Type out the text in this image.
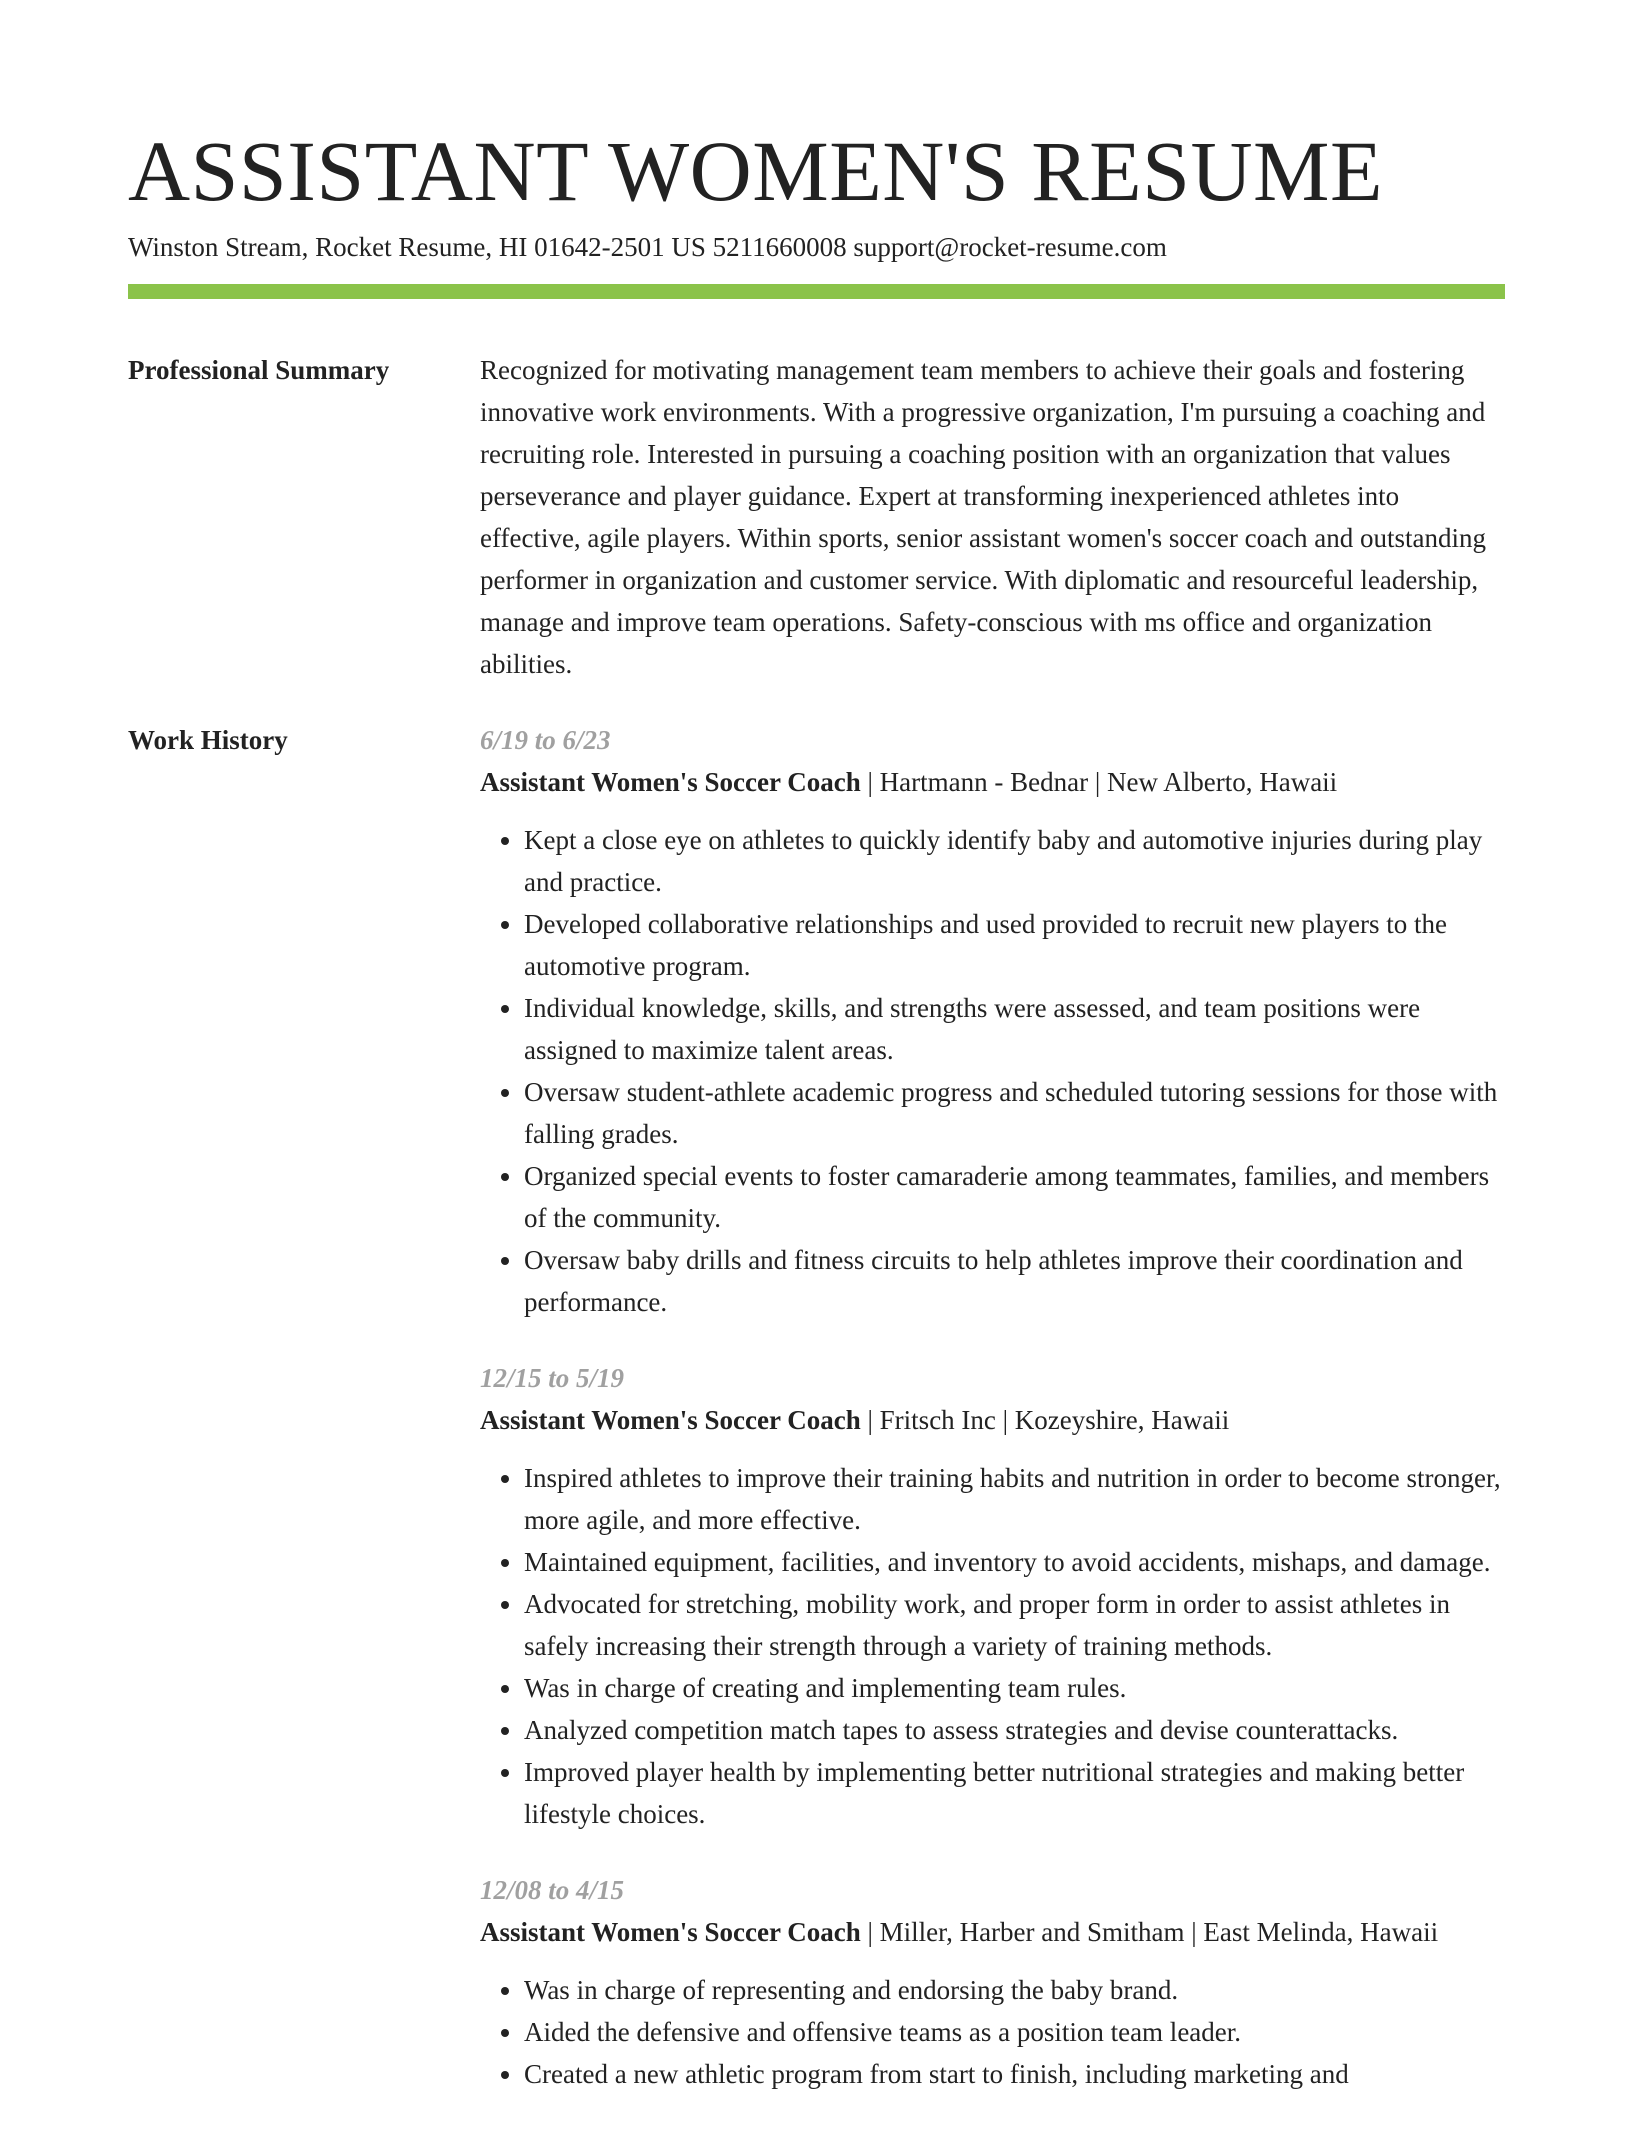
ASSISTANT WOMEN'S RESUME
Winston Stream, Rocket Resume, HI 01642-2501 US 5211660008 support@rocket-resume.com
Professional Summary	Recognized for motivating management team members to achieve their goals and fostering innovative work environments. With a progressive organization, I'm pursuing a coaching and recruiting role. Interested in pursuing a coaching position with an organization that values perseverance and player guidance. Expert at transforming inexperienced athletes into effective, agile players. Within sports, senior assistant women's soccer coach and outstanding performer in organization and customer service. With diplomatic and resourceful leadership, manage and improve team operations. Safety-conscious with ms office and organization abilities.

Work History	6/19 to 6/23

Assistant Women's Soccer Coach | Hartmann - Bednar | New Alberto, Hawaii

• Kept a close eye on athletes to quickly identify baby and automotive injuries during play and practice.
• Developed collaborative relationships and used provided to recruit new players to the automotive program.
• Individual knowledge, skills, and strengths were assessed, and team positions were assigned to maximize talent areas.
• Oversaw student-athlete academic progress and scheduled tutoring sessions for those with falling grades.
• Organized special events to foster camaraderie among teammates, families, and members of the community.
• Oversaw baby drills and fitness circuits to help athletes improve their coordination and performance.
12/15 to 5/19

Assistant Women's Soccer Coach | Fritsch Inc | Kozeyshire, Hawaii

• Inspired athletes to improve their training habits and nutrition in order to become stronger, more agile, and more effective.
• Maintained equipment, facilities, and inventory to avoid accidents, mishaps, and damage.
• Advocated for stretching, mobility work, and proper form in order to assist athletes in safely increasing their strength through a variety of training methods.
• Was in charge of creating and implementing team rules.
• Analyzed competition match tapes to assess strategies and devise counterattacks.
• Improved player health by implementing better nutritional strategies and making better lifestyle choices.
12/08 to 4/15

Assistant Women's Soccer Coach | Miller, Harber and Smitham | East Melinda, Hawaii

• Was in charge of representing and endorsing the baby brand.
• Aided the defensive and offensive teams as a position team leader.
• Created a new athletic program from start to finish, including marketing and
